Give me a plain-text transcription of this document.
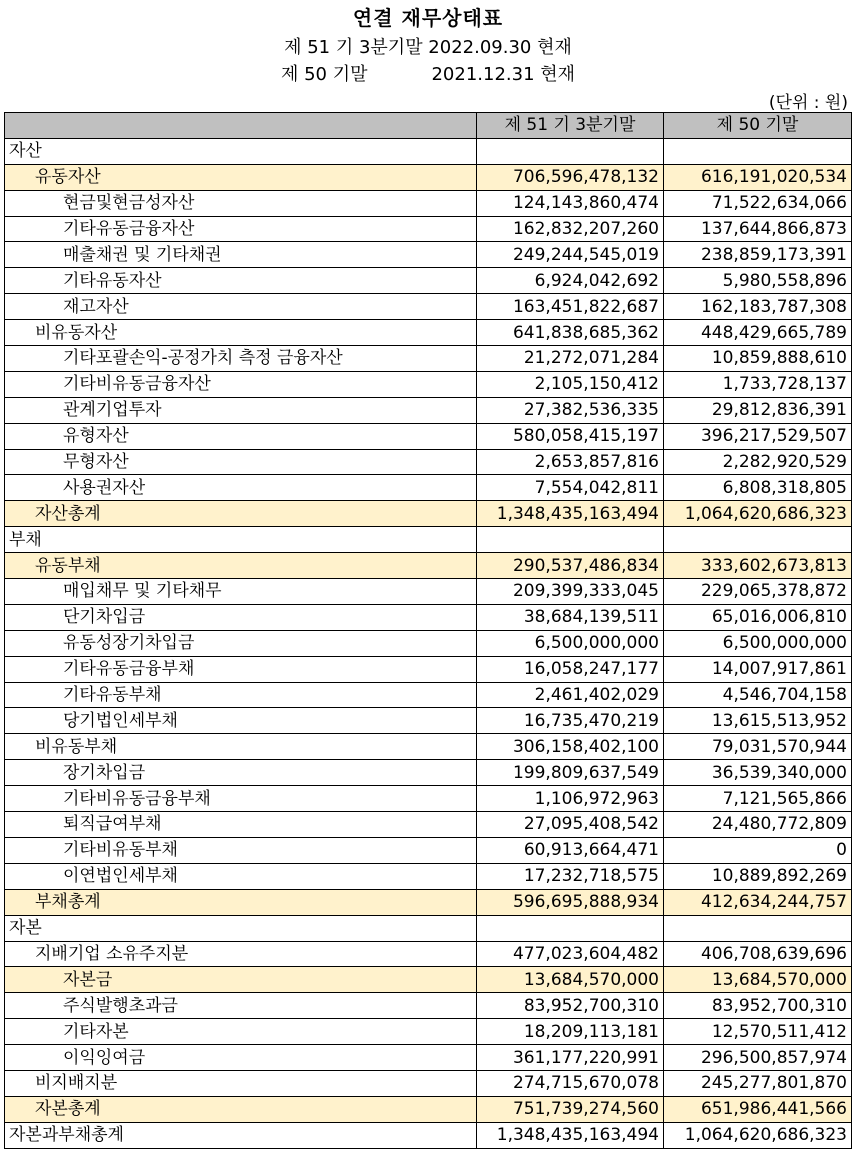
연결 재무상태표
제 51 기 3분기말 2022.09.30 현재
제 50 기말	2021.12.31 현재
(단위 : 원)
	제 51 기 3분기말	제 50 기말
자산		
유동자산	706,596,478,132	616,191,020,534
현금및현금성자산	124,143,860,474	71,522,634,066
기타유동금융자산	162,832,207,260	137,644,866,873
매출채권 및 기타채권	249,244,545,019	238,859,173,391
기타유동자산	6,924,042,692	5,980,558,896
재고자산	163,451,822,687	162,183,787,308
비유동자산	641,838,685,362	448,429,665,789
기타포괄손익-공정가치 측정 금융자산	21,272,071,284	10,859,888,610
기타비유동금융자산	2,105,150,412	1,733,728,137
관계기업투자	27,382,536,335	29,812,836,391
유형자산	580,058,415,197	396,217,529,507
무형자산	2,653,857,816	2,282,920,529
사용권자산	7,554,042,811	6,808,318,805
자산총계	1,348,435,163,494	1,064,620,686,323
부채		
유동부채	290,537,486,834	333,602,673,813
매입채무 및 기타채무	209,399,333,045	229,065,378,872
단기차입금	38,684,139,511	65,016,006,810
유동성장기차입금	6,500,000,000	6,500,000,000
기타유동금융부채	16,058,247,177	14,007,917,861
기타유동부채	2,461,402,029	4,546,704,158
당기법인세부채	16,735,470,219	13,615,513,952
비유동부채	306,158,402,100	79,031,570,944
장기차입금	199,809,637,549	36,539,340,000
기타비유동금융부채	1,106,972,963	7,121,565,866
퇴직급여부채	27,095,408,542	24,480,772,809
기타비유동부채	60,913,664,471	0
이연법인세부채	17,232,718,575	10,889,892,269
부채총계	596,695,888,934	412,634,244,757
자본		
지배기업 소유주지분	477,023,604,482	406,708,639,696
자본금	13,684,570,000	13,684,570,000
주식발행초과금	83,952,700,310	83,952,700,310
기타자본	18,209,113,181	12,570,511,412
이익잉여금	361,177,220,991	296,500,857,974
비지배지분	274,715,670,078	245,277,801,870
자본총계	751,739,274,560	651,986,441,566
자본과부채총계	1,348,435,163,494	1,064,620,686,323
